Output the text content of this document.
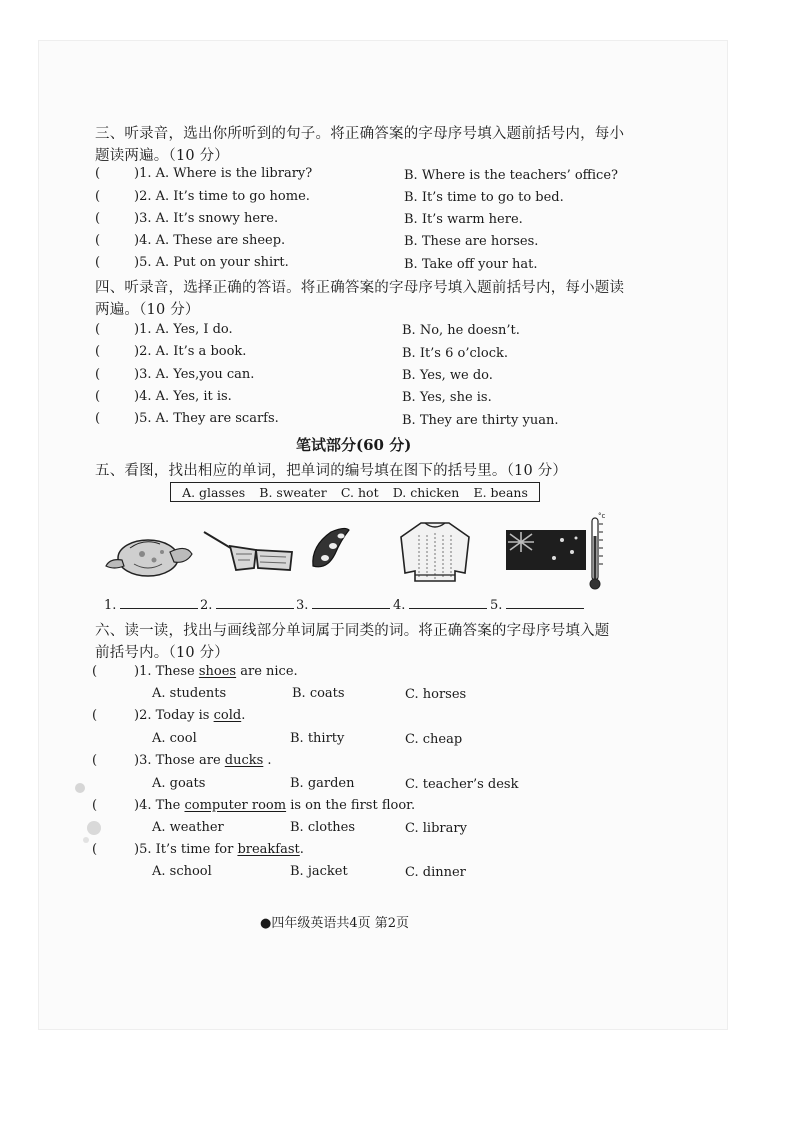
三、听录音，选出你所听到的句子。将正确答案的字母序号填入题前括号内，每小
题读两遍。（10 分）
(	)1. A. Where is the library?	B. Where is the teachers’ office?
(	)2. A. It’s time to go home.	B. It’s time to go to bed.
(	)3. A. It’s snowy here.	B. It’s warm here.
(	)4. A. These are sheep.	B. These are horses.
(	)5. A. Put on your shirt.	B. Take off your hat.
四、听录音，选择正确的答语。将正确答案的字母序号填入题前括号内，每小题读
两遍。（10 分）
(	)1. A. Yes, I do.	B. No, he doesn’t.
(	)2. A. It’s a book.	B. It’s 6 o’clock.
(	)3. A. Yes,you can.	B. Yes, we do.
(	)4. A. Yes, it is.	B. Yes, she is.
(	)5. A. They are scarfs.	B. They are thirty yuan.
笔试部分(60 分)
五、看图，找出相应的单词，把单词的编号填在图下的括号里。（10 分）
A. glasses B. sweater C. hot D. chicken E. beans
°c
1.	2.	3.	4.	5.
六、读一读，找出与画线部分单词属于同类的词。将正确答案的字母序号填入题
前括号内。（10 分）
(	)1. These shoes are nice.
A. students	B. coats	C. horses
(	)2. Today is cold.
A. cool	B. thirty	C. cheap
(	)3. Those are ducks .
A. goats	B. garden	C. teacher’s desk
(	)4. The computer room is on the first floor.
A. weather	B. clothes	C. library
(	)5. It’s time for breakfast.
A. school	B. jacket	C. dinner
●四年级英语共4页 第2页
